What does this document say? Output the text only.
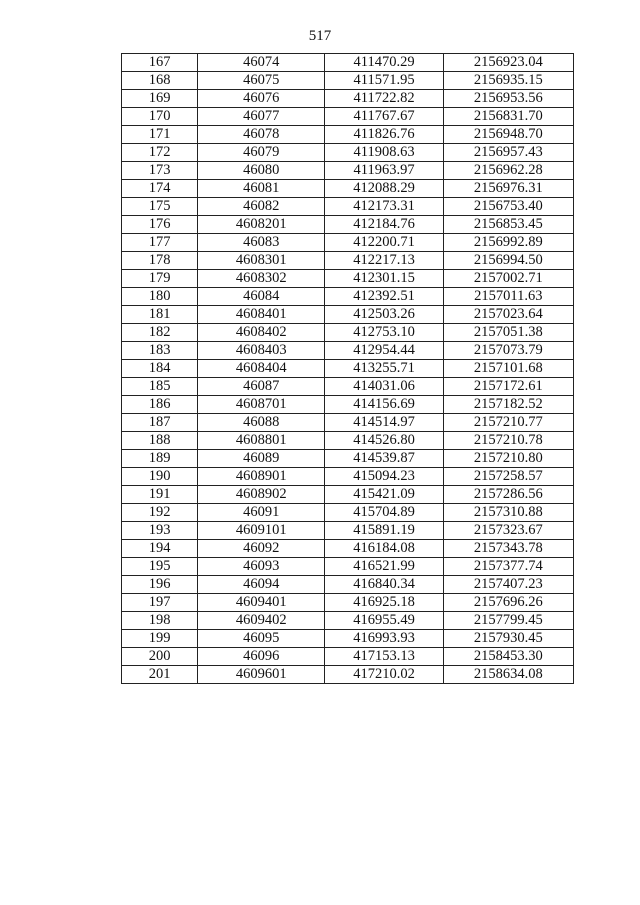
517
167	46074	411470.29	2156923.04
168	46075	411571.95	2156935.15
169	46076	411722.82	2156953.56
170	46077	411767.67	2156831.70
171	46078	411826.76	2156948.70
172	46079	411908.63	2156957.43
173	46080	411963.97	2156962.28
174	46081	412088.29	2156976.31
175	46082	412173.31	2156753.40
176	4608201	412184.76	2156853.45
177	46083	412200.71	2156992.89
178	4608301	412217.13	2156994.50
179	4608302	412301.15	2157002.71
180	46084	412392.51	2157011.63
181	4608401	412503.26	2157023.64
182	4608402	412753.10	2157051.38
183	4608403	412954.44	2157073.79
184	4608404	413255.71	2157101.68
185	46087	414031.06	2157172.61
186	4608701	414156.69	2157182.52
187	46088	414514.97	2157210.77
188	4608801	414526.80	2157210.78
189	46089	414539.87	2157210.80
190	4608901	415094.23	2157258.57
191	4608902	415421.09	2157286.56
192	46091	415704.89	2157310.88
193	4609101	415891.19	2157323.67
194	46092	416184.08	2157343.78
195	46093	416521.99	2157377.74
196	46094	416840.34	2157407.23
197	4609401	416925.18	2157696.26
198	4609402	416955.49	2157799.45
199	46095	416993.93	2157930.45
200	46096	417153.13	2158453.30
201	4609601	417210.02	2158634.08
